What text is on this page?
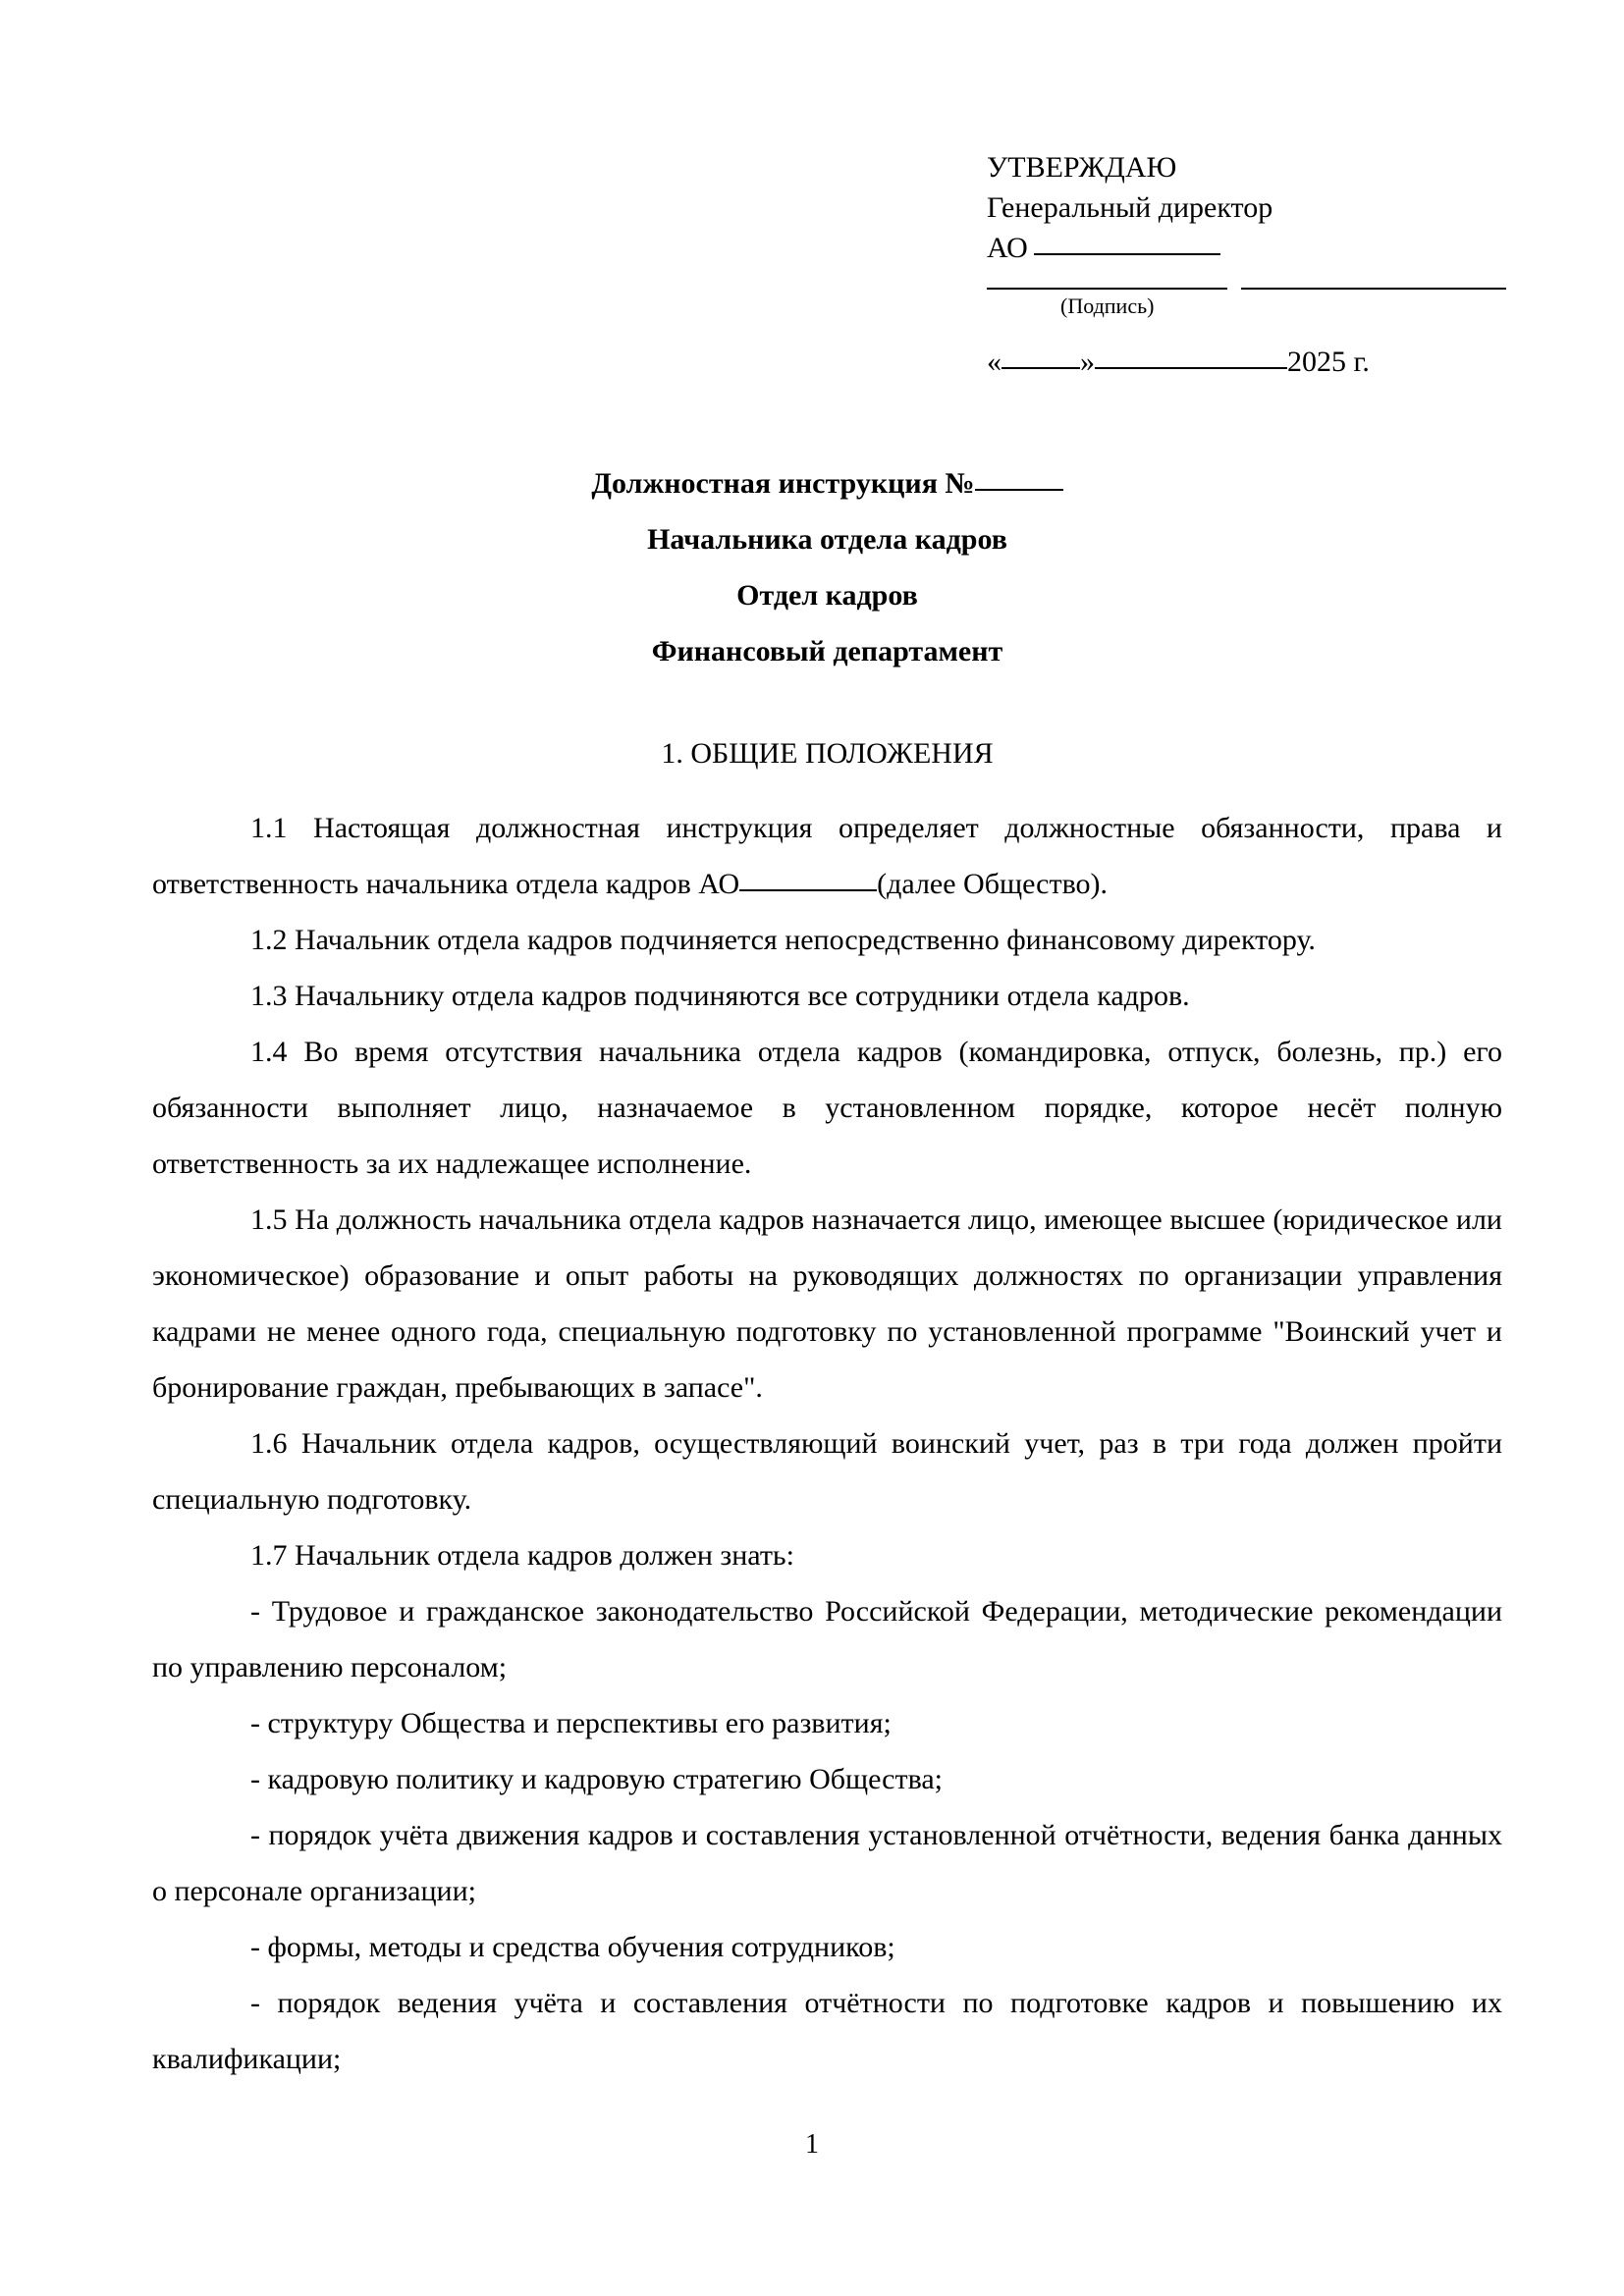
УТВЕРЖДАЮ
Генеральный директор
АО
(Подпись)
«	»	2025 г.
Должностная инструкция №
Начальника отдела кадров
Отдел кадров
Финансовый департамент
1. ОБЩИЕ ПОЛОЖЕНИЯ

1.1 Настоящая должностная инструкция определяет должностные обязанности, права и ответственность начальника отдела кадров АО	(далее Общество).

1.2 Начальник отдела кадров подчиняется непосредственно финансовому директору.

1.3 Начальнику отдела кадров подчиняются все сотрудники отдела кадров.

1.4 Во время отсутствия начальника отдела кадров (командировка, отпуск, болезнь, пр.) его обязанности выполняет лицо, назначаемое в установленном порядке, которое несёт полную ответственность за их надлежащее исполнение.

1.5 На должность начальника отдела кадров назначается лицо, имеющее высшее (юридическое или экономическое) образование и опыт работы на руководящих должностях по организации управления кадрами не менее одного года, специальную подготовку по установленной программе "Воинский учет и бронирование граждан, пребывающих в запасе".

1.6 Начальник отдела кадров, осуществляющий воинский учет, раз в три года должен пройти специальную подготовку.

1.7 Начальник отдела кадров должен знать:

- Трудовое и гражданское законодательство Российской Федерации, методические рекомендации по управлению персоналом;

- структуру Общества и перспективы его развития;

- кадровую политику и кадровую стратегию Общества;

- порядок учёта движения кадров и составления установленной отчётности, ведения банка данных о персонале организации;

- формы, методы и средства обучения сотрудников;

- порядок ведения учёта и составления отчётности по подготовке кадров и повышению их квалификации;

1
